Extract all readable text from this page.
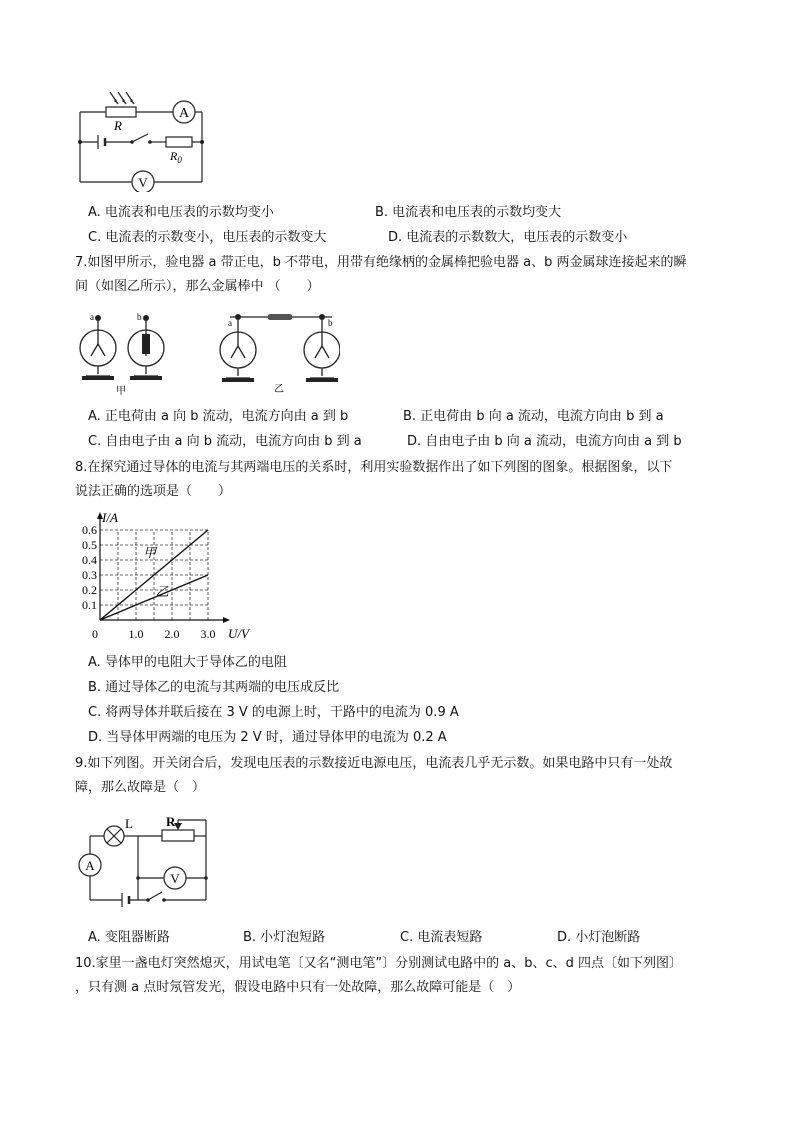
A
V
R
$R_0$
A. 电流表和电压表的示数均变小	B. 电流表和电压表的示数均变大
C. 电流表的示数变小，电压表的示数变大	D. 电流表的示数数大，电压表的示数变小
7.如图甲所示，验电器 a 带正电，b 不带电，用带有绝缘柄的金属棒把验电器 a、b 两金属球连接起来的瞬
间（如图乙所示），那么金属棒中 （　　）
a	b
a	b
甲	乙
A. 正电荷由 a 向 b 流动，电流方向由 a 到 b	B. 正电荷由 b 向 a 流动，电流方向由 b 到 a
C. 自由电子由 a 向 b 流动，电流方向由 b 到 a	D. 自由电子由 b 向 a 流动，电流方向由 a 到 b
8.在探究通过导体的电流与其两端电压的关系时，利用实验数据作出了如下列图的图象。根据图象，以下
说法正确的选项是（　　）
甲
乙
0.1
0.2
0.3
0.4
0.5
0.6
1.0 2.0 3.0
I/A
U/V
0
A. 导体甲的电阻大于导体乙的电阻
B. 通过导体乙的电流与其两端的电压成反比
C. 将两导体并联后接在 3 V 的电源上时，干路中的电流为 0.9 A
D. 当导体甲两端的电压为 2 V 时，通过导体甲的电流为 0.2 A
9.如下列图。开关闭合后，发现电压表的示数接近电源电压，电流表几乎无示数。如果电路中只有一处故
障，那么故障是（　）
A
V
L	R
A. 变阻器断路	B. 小灯泡短路	C. 电流表短路	D. 小灯泡断路
10.家里一盏电灯突然熄灭，用试电笔〔又名“测电笔”〕分别测试电路中的 a、b、c、d 四点〔如下列图〕
，只有测 a 点时氖管发光，假设电路中只有一处故障，那么故障可能是（　）
